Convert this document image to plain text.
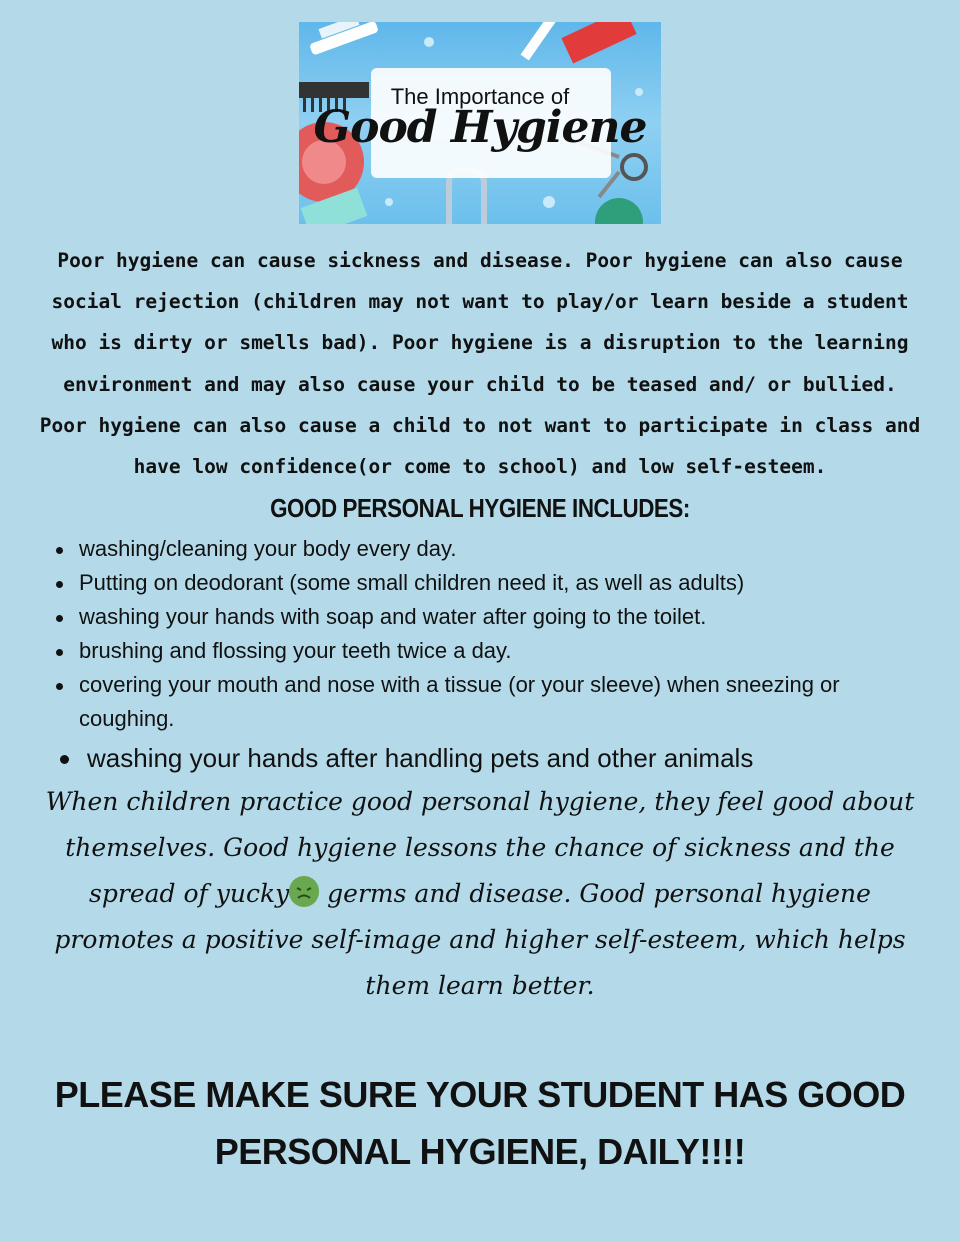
The Importance of
Good Hygiene
Poor hygiene can cause sickness and disease. Poor hygiene can also cause social rejection (children may not want to play/or learn beside a student who is dirty or smells bad). Poor hygiene is a disruption to the learning environment and may also cause your child to be teased and/ or bullied. Poor hygiene can also cause a child to not want to participate in class and have low confidence(or come to school) and low self-esteem.
GOOD PERSONAL HYGIENE INCLUDES:
washing/cleaning your body every day.
Putting on deodorant (some small children need it, as well as adults)
washing your hands with soap and water after going to the toilet.
brushing and flossing your teeth twice a day.
covering your mouth and nose with a tissue (or your sleeve) when sneezing or coughing.
washing your hands after handling pets and other animals
When children practice good personal hygiene, they feel good about themselves. Good hygiene lessons the chance of sickness and the spread of yucky germs and disease. Good personal hygiene promotes a positive self-image and higher self-esteem, which helps them learn better.
PLEASE MAKE SURE YOUR STUDENT HAS GOOD PERSONAL HYGIENE, DAILY!!!!
